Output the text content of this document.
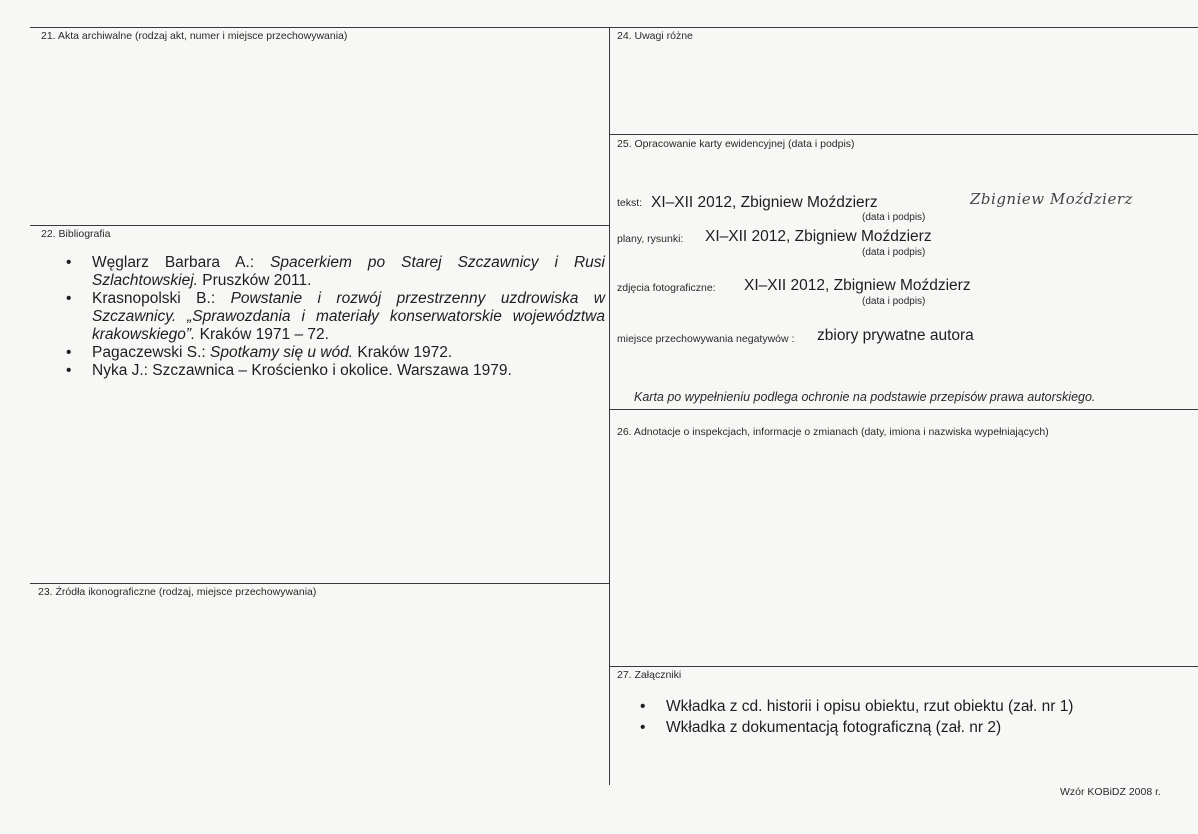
21. Akta archiwalne (rodzaj akt, numer i miejsce przechowywania)
22. Bibliografia
• Węglarz Barbara A.: Spacerkiem po Starej Szczawnicy i Rusi Szlachtowskiej. Pruszków 2011.
• Krasnopolski B.: Powstanie i rozwój przestrzenny uzdrowiska w Szczawnicy. „Sprawozdania i materiały konserwatorskie województwa krakowskiego”. Kraków 1971 – 72.
• Pagaczewski S.: Spotkamy się u wód. Kraków 1972.
• Nyka J.: Szczawnica – Krościenko i okolice. Warszawa 1979.
23. Źródła ikonograficzne (rodzaj, miejsce przechowywania)
24. Uwagi różne
25. Opracowanie karty ewidencyjnej (data i podpis)
tekst: XI–XII 2012, Zbigniew Moździerz	Zbigniew Moździerz
(data i podpis)
plany, rysunki: XI–XII 2012, Zbigniew Moździerz
(data i podpis)
zdjęcia fotograficzne: XI–XII 2012, Zbigniew Moździerz
(data i podpis)
miejsce przechowywania negatywów : zbiory prywatne autora
Karta po wypełnieniu podlega ochronie na podstawie przepisów prawa autorskiego.
26. Adnotacje o inspekcjach, informacje o zmianach (daty, imiona i nazwiska wypełniających)
27. Załączniki
• Wkładka z cd. historii i opisu obiektu, rzut obiektu (zał. nr 1)
• Wkładka z dokumentacją fotograficzną (zał. nr 2)
Wzór KOBiDZ 2008 r.
